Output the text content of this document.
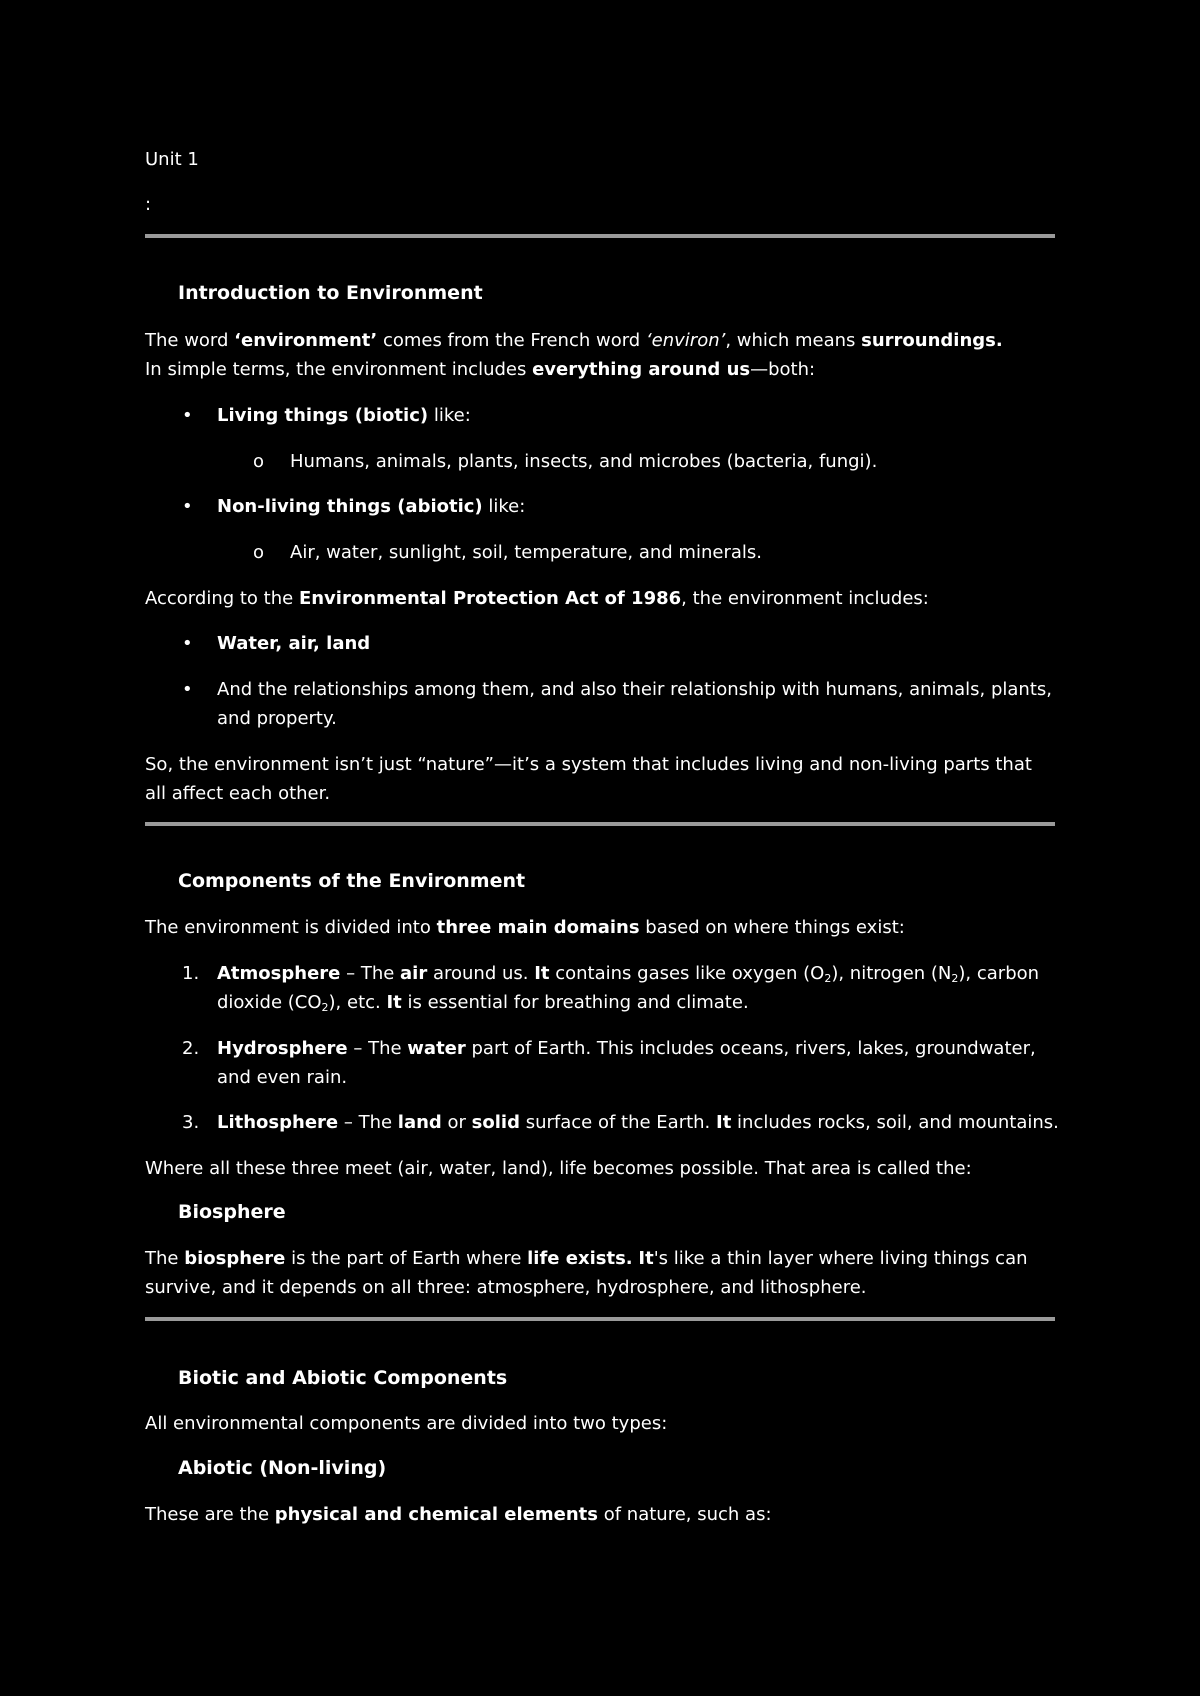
Unit 1
:
Introduction to Environment
The word ‘environment’ comes from the French word ‘environ’, which means surroundings.
In simple terms, the environment includes everything around us—both:
• Living things (biotic) like:
o Humans, animals, plants, insects, and microbes (bacteria, fungi).
• Non-living things (abiotic) like:
o Air, water, sunlight, soil, temperature, and minerals.
According to the Environmental Protection Act of 1986, the environment includes:
• Water, air, land
• And the relationships among them, and also their relationship with humans, animals, plants, and property.
So, the environment isn’t just “nature”—it’s a system that includes living and non-living parts that all affect each other.
Components of the Environment
The environment is divided into three main domains based on where things exist:
1. Atmosphere – The air around us. It contains gases like oxygen $(O_2)$, nitrogen $(N_2)$, carbon dioxide $(CO_2)$, etc. It is essential for breathing and climate.
2. Hydrosphere – The water part of Earth. This includes oceans, rivers, lakes, groundwater, and even rain.
3. Lithosphere – The land or solid surface of the Earth. It includes rocks, soil, and mountains.
Where all these three meet (air, water, land), life becomes possible. That area is called the:
Biosphere
The biosphere is the part of Earth where life exists. It's like a thin layer where living things can survive, and it depends on all three: atmosphere, hydrosphere, and lithosphere.
Biotic and Abiotic Components
All environmental components are divided into two types:
Abiotic (Non-living)
These are the physical and chemical elements of nature, such as:
